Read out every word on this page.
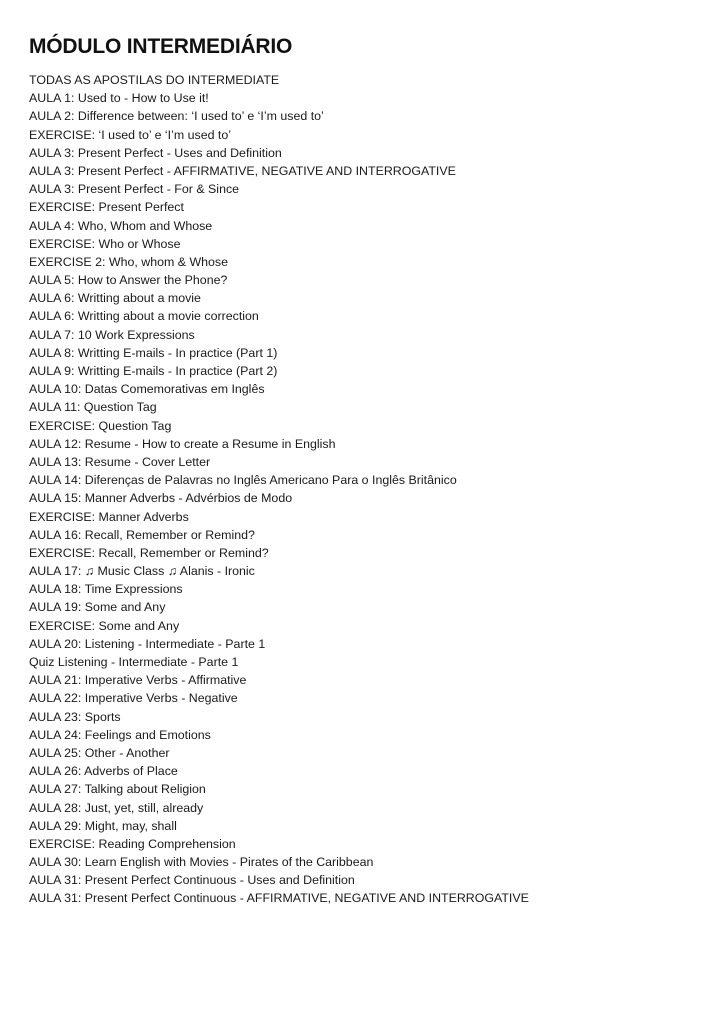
MÓDULO INTERMEDIÁRIO
TODAS AS APOSTILAS DO INTERMEDIATE
AULA 1: Used to - How to Use it!
AULA 2: Difference between: ‘I used to’ e ‘I’m used to’
EXERCISE: ‘I used to’ e ‘I’m used to’
AULA 3: Present Perfect - Uses and Definition
AULA 3: Present Perfect - AFFIRMATIVE, NEGATIVE AND INTERROGATIVE
AULA 3: Present Perfect - For & Since
EXERCISE: Present Perfect
AULA 4: Who, Whom and Whose
EXERCISE: Who or Whose
EXERCISE 2: Who, whom & Whose
AULA 5: How to Answer the Phone?
AULA 6: Writting about a movie
AULA 6: Writting about a movie correction
AULA 7: 10 Work Expressions
AULA 8: Writting E-mails - In practice (Part 1)
AULA 9: Writting E-mails - In practice (Part 2)
AULA 10: Datas Comemorativas em Inglês
AULA 11: Question Tag
EXERCISE: Question Tag
AULA 12: Resume - How to create a Resume in English
AULA 13: Resume - Cover Letter
AULA 14: Diferenças de Palavras no Inglês Americano Para o Inglês Britânico
AULA 15: Manner Adverbs - Advérbios de Modo
EXERCISE: Manner Adverbs
AULA 16: Recall, Remember or Remind?
EXERCISE: Recall, Remember or Remind?
AULA 17: ♫ Music Class ♫ Alanis - Ironic
AULA 18: Time Expressions
AULA 19: Some and Any
EXERCISE: Some and Any
AULA 20: Listening - Intermediate - Parte 1
Quiz Listening - Intermediate - Parte 1
AULA 21: Imperative Verbs - Affirmative
AULA 22: Imperative Verbs - Negative
AULA 23: Sports
AULA 24: Feelings and Emotions
AULA 25: Other - Another
AULA 26: Adverbs of Place
AULA 27: Talking about Religion
AULA 28: Just, yet, still, already
AULA 29: Might, may, shall
EXERCISE: Reading Comprehension
AULA 30: Learn English with Movies - Pirates of the Caribbean
AULA 31: Present Perfect Continuous - Uses and Definition
AULA 31: Present Perfect Continuous - AFFIRMATIVE, NEGATIVE AND INTERROGATIVE
